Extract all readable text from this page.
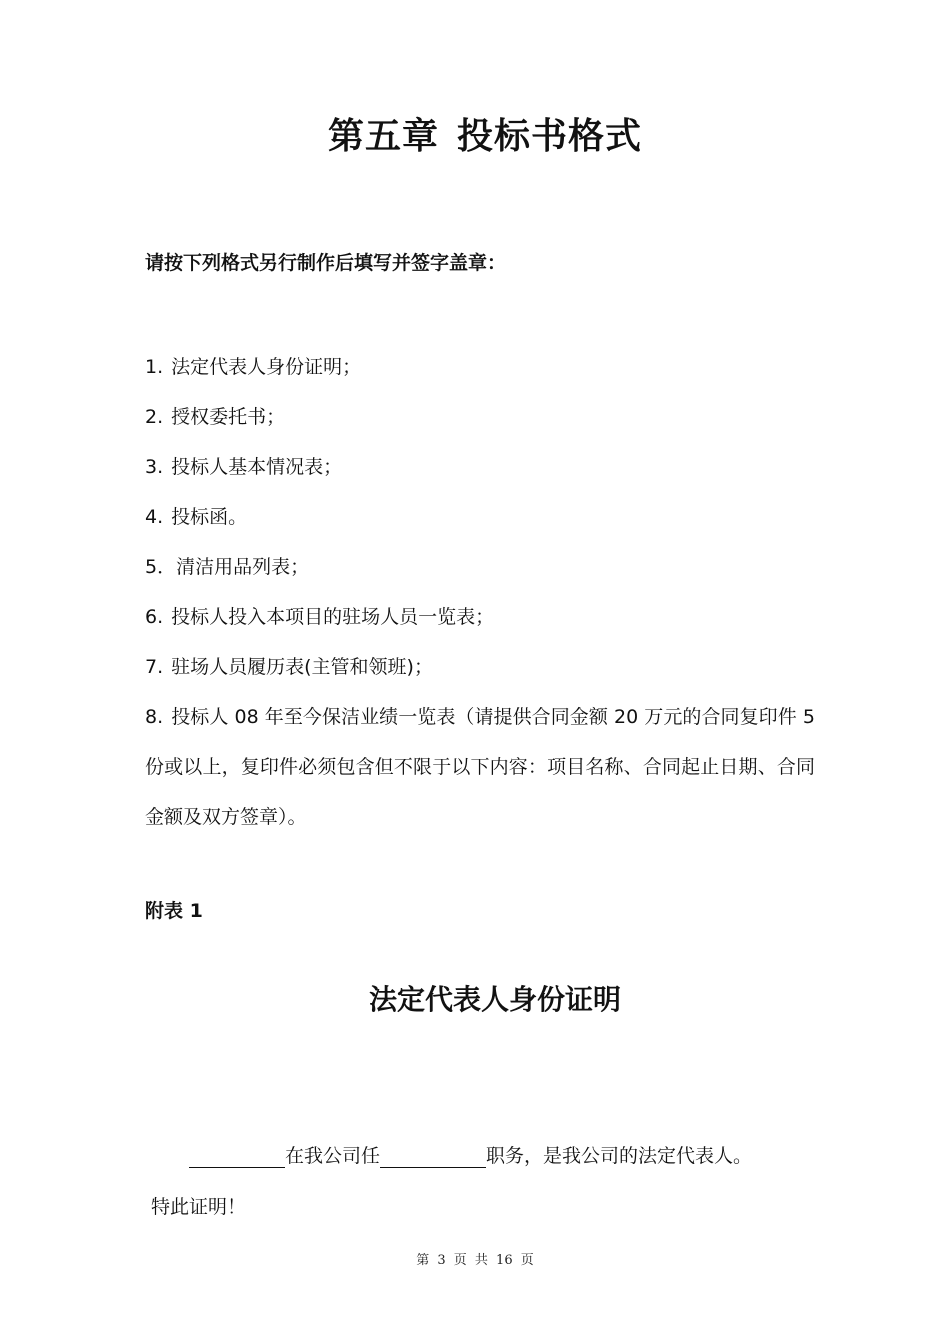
第五章 投标书格式

请按下列格式另行制作后填写并签字盖章：

1. 法定代表人身份证明；
2. 授权委托书；
3. 投标人基本情况表；
4. 投标函。
5．清洁用品列表；
6. 投标人投入本项目的驻场人员一览表；
7. 驻场人员履历表(主管和领班)；
8. 投标人 08 年至今保洁业绩一览表（请提供合同金额 20 万元的合同复印件 5 份或以上，复印件必须包含但不限于以下内容：项目名称、合同起止日期、合同金额及双方签章）。

附表 1

法定代表人身份证明

在我公司任	职务，是我公司的法定代表人。

特此证明！

第 3 页 共 16 页
